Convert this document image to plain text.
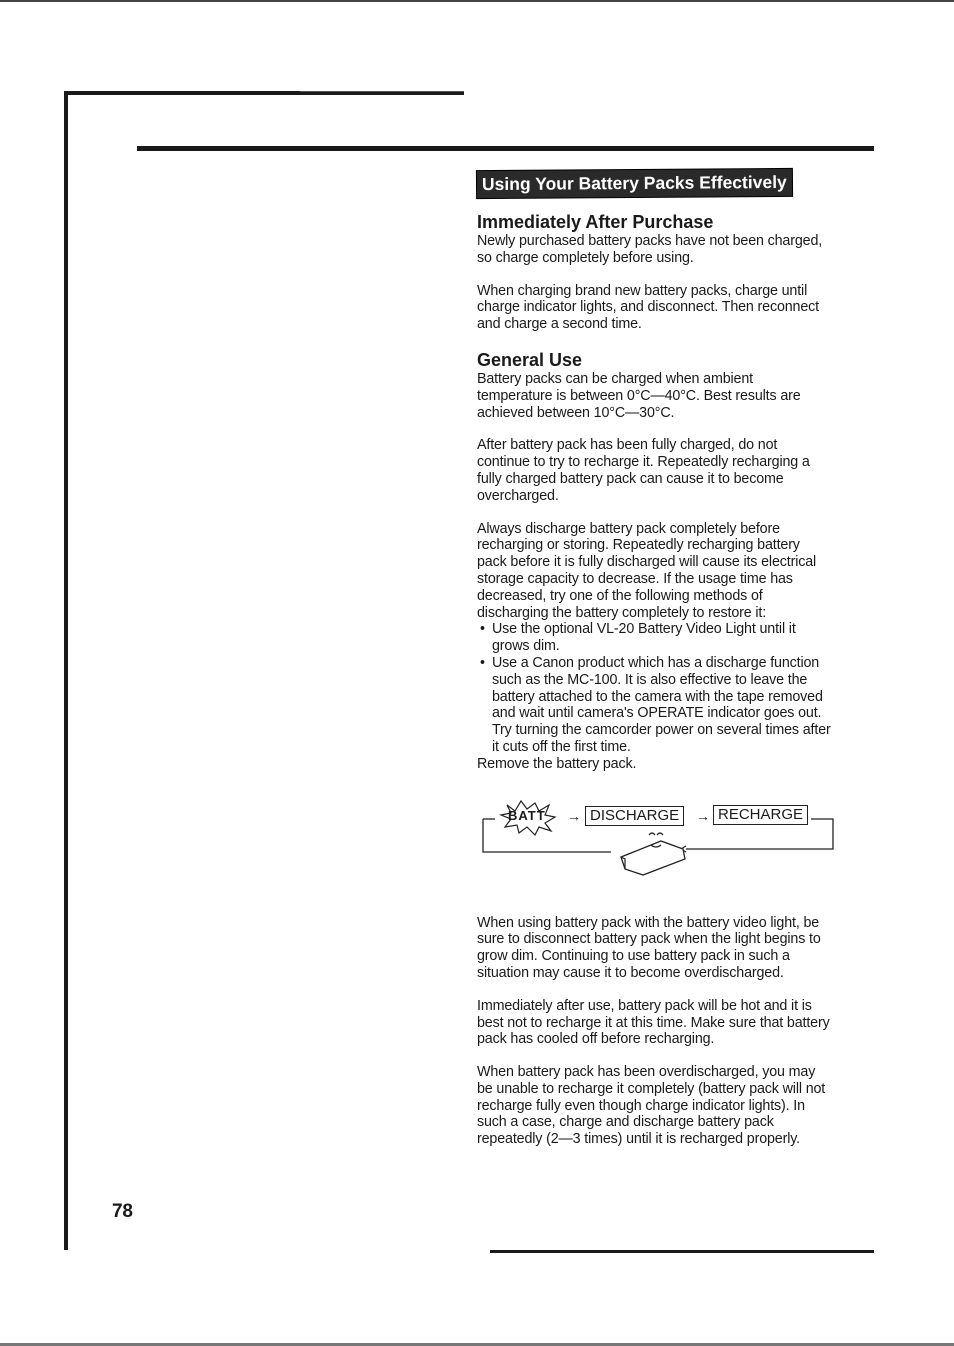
78

Using Your Battery Packs Effectively
Immediately After Purchase

Newly purchased battery packs have not been charged, so charge completely before using.

When charging brand new battery packs, charge until charge indicator lights, and disconnect. Then reconnect and charge a second time.

General Use

Battery packs can be charged when ambient temperature is between 0°C—40°C. Best results are achieved between 10°C—30°C.

After battery pack has been fully charged, do not continue to try to recharge it. Repeatedly recharging a fully charged battery pack can cause it to become overcharged.

Always discharge battery pack completely before recharging or storing. Repeatedly recharging battery pack before it is fully discharged will cause its electrical storage capacity to decrease. If the usage time has decreased, try one of the following methods of discharging the battery completely to restore it:

• Use the optional VL-20 Battery Video Light until it grows dim.
• Use a Canon product which has a discharge function such as the MC-100. It is also effective to leave the battery attached to the camera with the tape removed and wait until camera's OPERATE indicator goes out. Try turning the camcorder power on several times after it cuts off the first time.

Remove the battery pack.

BATT → DISCHARGE	→ RECHARGE

When using battery pack with the battery video light, be sure to disconnect battery pack when the light begins to grow dim. Continuing to use battery pack in such a situation may cause it to become overdischarged.

Immediately after use, battery pack will be hot and it is best not to recharge it at this time. Make sure that battery pack has cooled off before recharging.

When battery pack has been overdischarged, you may be unable to recharge it completely (battery pack will not recharge fully even though charge indicator lights). In such a case, charge and discharge battery pack repeatedly (2—3 times) until it is recharged properly.
